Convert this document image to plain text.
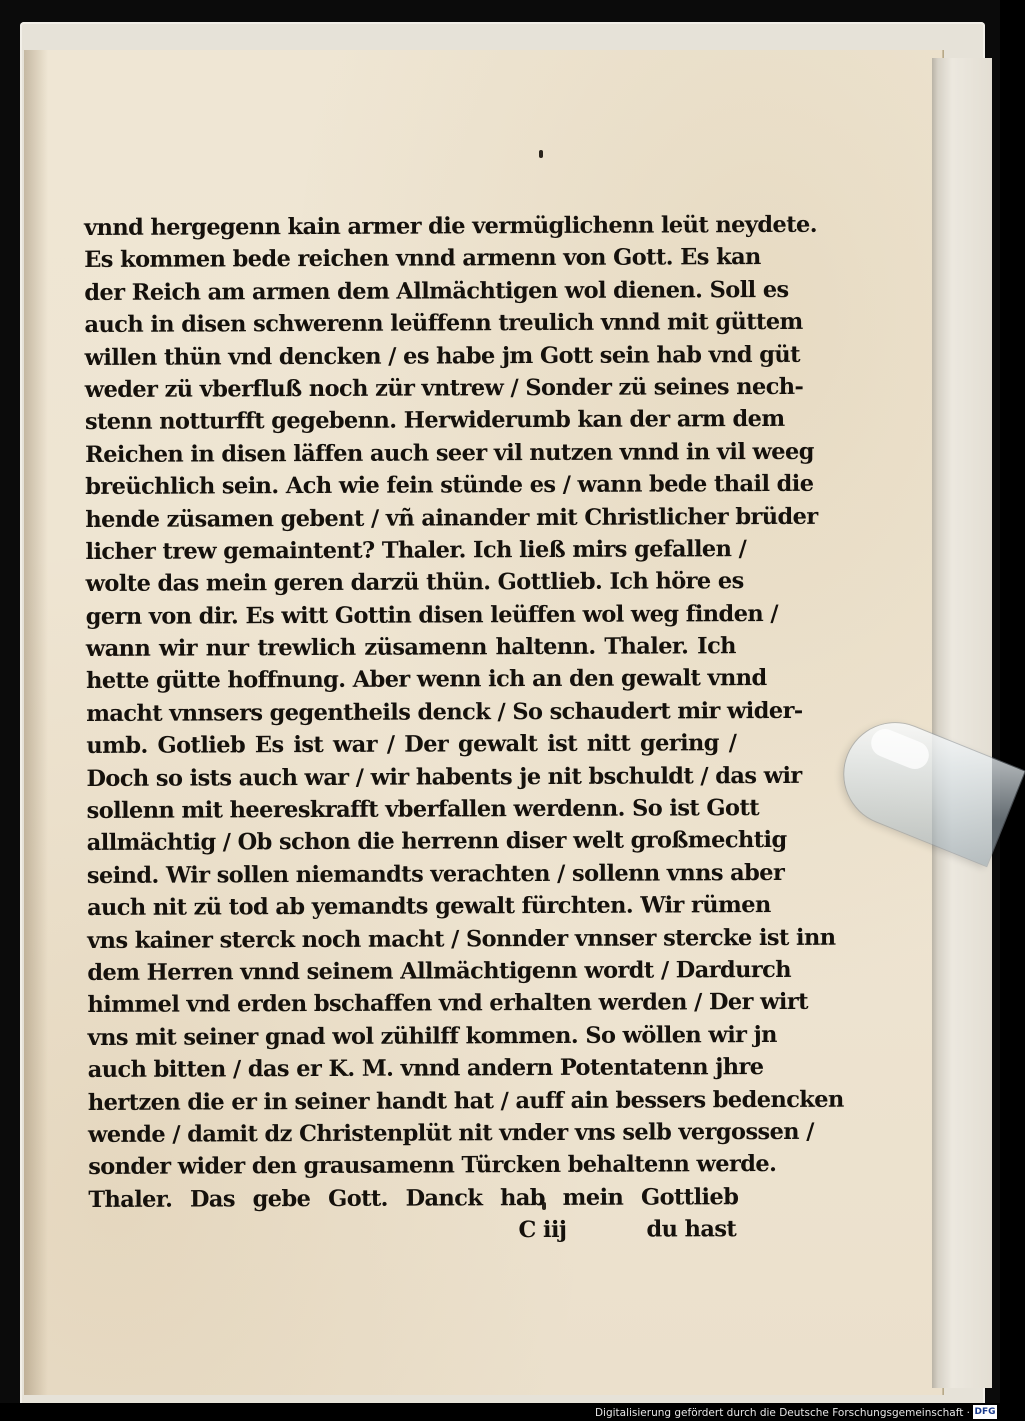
vnnd hergegenn kain armer die vermüglichenn leüt neydete.
Es kommen bede reichen vnnd armenn von Gott. Es kan
der Reich am armen dem Allmächtigen wol dienen. Soll es
auch in disen schwerenn leüffenn treulich vnnd mit güttem
willen thün vnd dencken / es habe jm Gott sein hab vnd güt
weder zü vberfluß noch zür vntrew / Sonder zü seines nech-
stenn notturfft gegebenn. Herwiderumb kan der arm dem
Reichen in disen läffen auch seer vil nutzen vnnd in vil weeg
breüchlich sein. Ach wie fein stünde es / wann bede thail die
hende züsamen gebent / vñ ainander mit Christlicher brüder
licher trew gemaintent? Thaler. Ich ließ mirs gefallen /
wolte das mein geren darzü thün. Gottlieb. Ich höre es
gern von dir. Es witt Gottin disen leüffen wol weg finden /
wann wir nur trewlich züsamenn haltenn. Thaler. Ich
hette gütte hoffnung. Aber wenn ich an den gewalt vnnd
macht vnnsers gegentheils denck / So schaudert mir wider-
umb. Gotlieb Es ist war / Der gewalt ist nitt gering /
Doch so ists auch war / wir habents je nit bschuldt / das wir
sollenn mit heereskrafft vberfallen werdenn. So ist Gott
allmächtig / Ob schon die herrenn diser welt großmechtig
seind. Wir sollen niemandts verachten / sollenn vnns aber
auch nit zü tod ab yemandts gewalt fürchten. Wir rümen
vns kainer sterck noch macht / Sonnder vnnser stercke ist inn
dem Herren vnnd seinem Allmächtigenn wordt / Dardurch
himmel vnd erden bschaffen vnd erhalten werden / Der wirt
vns mit seiner gnad wol zühilff kommen. So wöllen wir jn
auch bitten / das er K. M. vnnd andern Potentatenn jhre
hertzen die er in seiner handt hat / auff ain bessers bedencken
wende / damit dz Christenplüt nit vnder vns selb vergossen /
sonder wider den grausamenn Türcken behaltenn werde.
Thaler. Das gebe Gott. Danck hab mein Gottlieb
C iij	du hast
Digitalisierung gefördert durch die Deutsche Forschungsgemeinschaft · DFG
